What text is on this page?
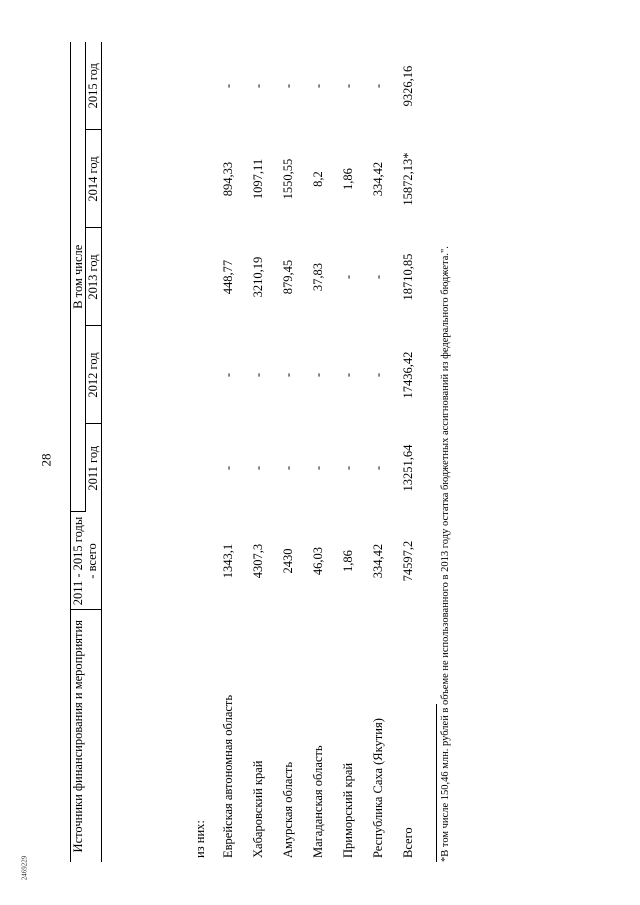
28
2469229
Источники финансирования и мероприятия	2011 - 2015 годы - всего	В том числе				
		2011 год	2012 год	2013 год	2014 год	2015 год

из них:						
Еврейская автономная область	1343,1	-	-	448,77	894,33	-
Хабаровский край	4307,3	-	-	3210,19	1097,11	-
Амурская область	2430	-	-	879,45	1550,55	-
Магаданская область	46,03	-	-	37,83	8,2	-
Приморский край	1,86	-	-	-	1,86	-
Республика Саха (Якутия)	334,42	-	-	-	334,42	-
Всего	74597,2	13251,64	17436,42	18710,85	15872,13*	9326,16
*В том числе 150,46 млн. рублей в объеме не использованного в 2013 году остатка бюджетных ассигнований из федерального бюджета.".
